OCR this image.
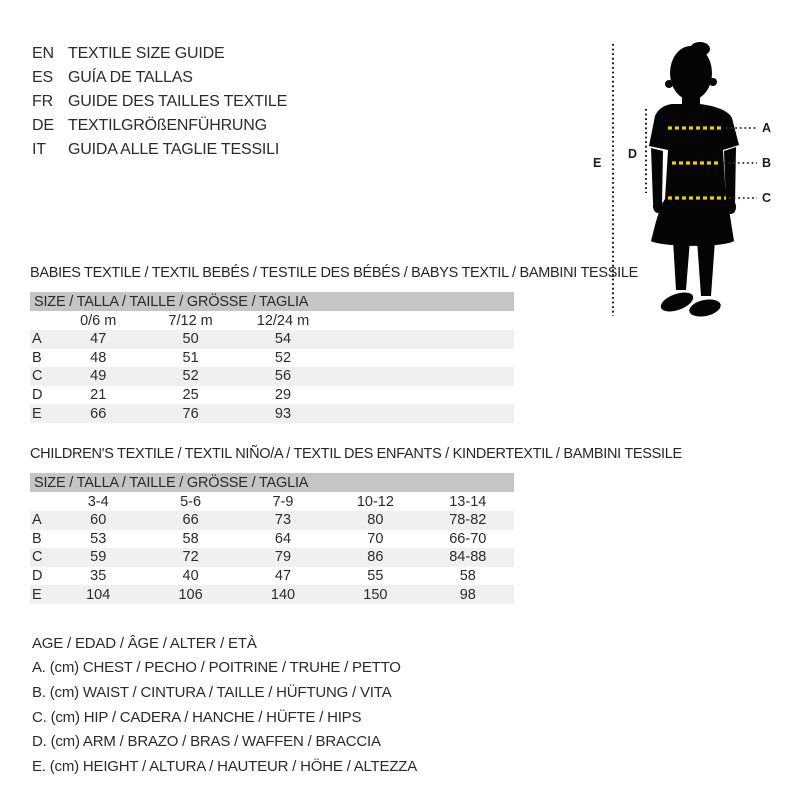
EN TEXTILE SIZE GUIDE
ES GUÍA DE TALLAS
FR GUIDE DES TAILLES TEXTILE
DE TEXTILGRÖßENFÜHRUNG
IT	GUIDA ALLE TAGLIE TESSILI
A
B
C
D
E
BABIES TEXTILE / TEXTIL BEBÉS / TESTILE DES BÉBÉS / BABYS TEXTIL / BAMBINI TESSILE
SIZE / TALLA / TAILLE / GRÖSSE / TAGLIA					
	0/6 m	7/12 m	12/24 m		
A	47	50	54		
B	48	51	52		
C	49	52	56		
D	21	25	29		
E	66	76	93		
CHILDREN'S TEXTILE / TEXTIL NIÑO/A / TEXTIL DES ENFANTS / KINDERTEXTIL / BAMBINI TESSILE
SIZE / TALLA / TAILLE / GRÖSSE / TAGLIA					
	3-4	5-6	7-9	10-12	13-14
A	60	66	73	80	78-82
B	53	58	64	70	66-70
C	59	72	79	86	84-88
D	35	40	47	55	58
E	104	106	140	150	98
AGE / EDAD / ÂGE / ALTER / ETÀ
A. (cm) CHEST / PECHO / POITRINE / TRUHE / PETTO
B. (cm) WAIST / CINTURA / TAILLE / HÜFTUNG / VITA
C. (cm) HIP / CADERA / HANCHE / HÜFTE / HIPS
D. (cm) ARM / BRAZO / BRAS / WAFFEN / BRACCIA
E. (cm) HEIGHT / ALTURA / HAUTEUR / HÖHE / ALTEZZA
